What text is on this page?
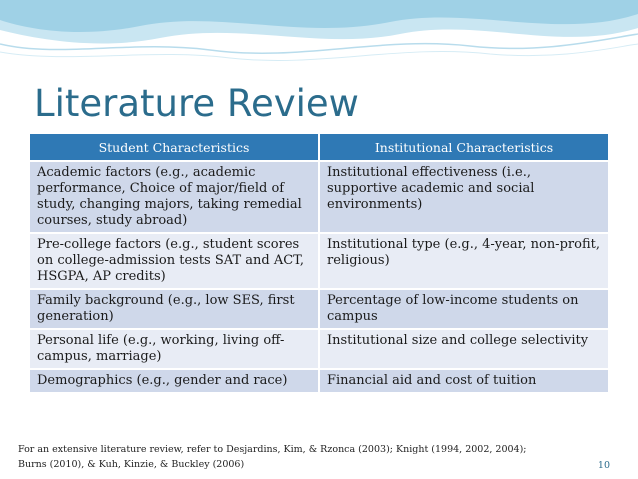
Literature Review
Student Characteristics	Institutional Characteristics
Academic factors (e.g., academic performance, Choice of major/field of study, changing majors, taking remedial courses, study abroad)	Institutional effectiveness (i.e., supportive academic and social environments)
Pre-college factors (e.g., student scores on college-admission tests SAT and ACT, HSGPA, AP credits)	Institutional type (e.g., 4-year, non-profit, religious)
Family background (e.g., low SES, first generation)	Percentage of low-income students on campus
Personal life (e.g., working, living off-campus, marriage)	Institutional size and college selectivity
Demographics (e.g., gender and race)	Financial aid and cost of tuition
For an extensive literature review, refer to Desjardins, Kim, & Rzonca (2003); Knight (1994, 2002, 2004); Burns (2010), & Kuh, Kinzie, & Buckley (2006)	10
